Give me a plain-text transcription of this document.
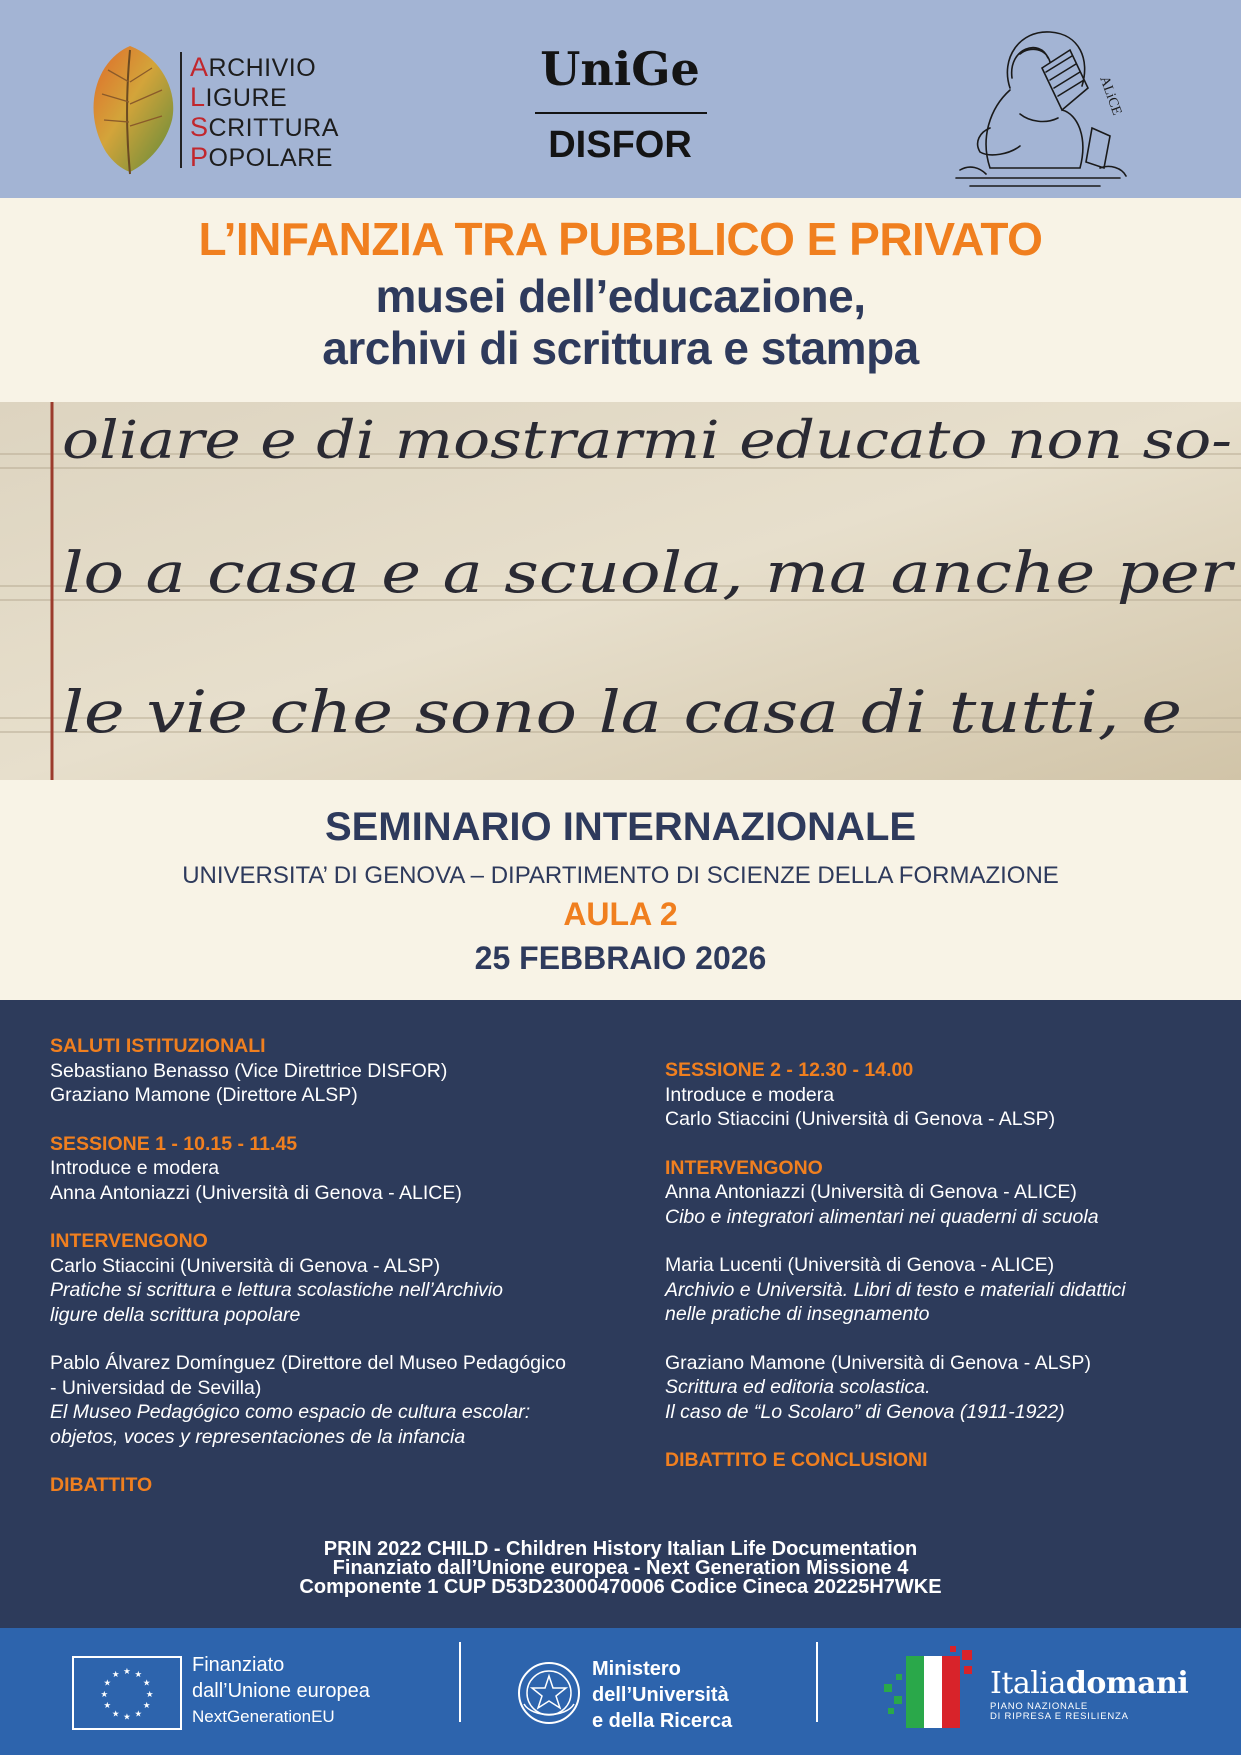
ARCHIVIO
LIGURE
SCRITTURA
POPOLARE
UniGe
DISFOR
ALiCE
L’INFANZIA TRA PUBBLICO E PRIVATO
musei dell’educazione,
archivi di scrittura e stampa
oliare e di mostrarmi educato non so-
lo a casa e a scuola, ma anche per
le vie che sono la casa di tutti, e
SEMINARIO INTERNAZIONALE
UNIVERSITA’ DI GENOVA – DIPARTIMENTO DI SCIENZE DELLA FORMAZIONE
AULA 2
25 FEBBRAIO 2026
SALUTI ISTITUZIONALI
Sebastiano Benasso (Vice Direttrice DISFOR)
Graziano Mamone (Direttore ALSP)
SESSIONE 1 - 10.15 - 11.45
Introduce e modera
Anna Antoniazzi (Università di Genova - ALICE)
INTERVENGONO
Carlo Stiaccini (Università di Genova - ALSP)
Pratiche si scrittura e lettura scolastiche nell’Archivio
ligure della scrittura popolare
Pablo Álvarez Domínguez (Direttore del Museo Pedagógico
- Universidad de Sevilla)
El Museo Pedagógico como espacio de cultura escolar:
objetos, voces y representaciones de la infancia
DIBATTITO
SESSIONE 2 - 12.30 - 14.00
Introduce e modera
Carlo Stiaccini (Università di Genova - ALSP)
INTERVENGONO
Anna Antoniazzi (Università di Genova - ALICE)
Cibo e integratori alimentari nei quaderni di scuola
Maria Lucenti (Università di Genova - ALICE)
Archivio e Università. Libri di testo e materiali didattici
nelle pratiche di insegnamento
Graziano Mamone (Università di Genova - ALSP)
Scrittura ed editoria scolastica.
Il caso de “Lo Scolaro” di Genova (1911-1922)
DIBATTITO E CONCLUSIONI
PRIN 2022 CHILD - Children History Italian Life Documentation
Finanziato dall’Unione europea - Next Generation Missione 4
Componente 1 CUP D53D23000470006 Codice Cineca 20225H7WKE
★
★
★
★
★
★
★
★
★ ★ ★
★
Finanziato
dall’Unione europea
NextGenerationEU
Ministero
dell’Università
e della Ricerca
Italiadomani
PIANO NAZIONALE
DI RIPRESA E RESILIENZA
